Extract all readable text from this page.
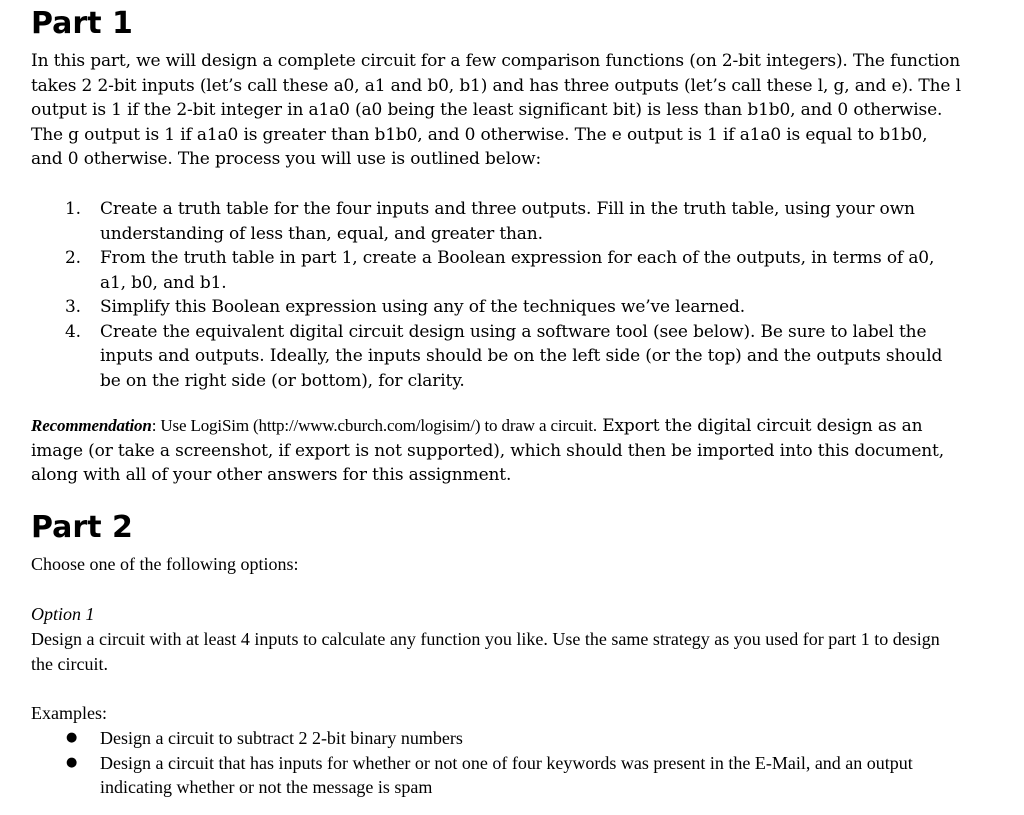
Part 1

In this part, we will design a complete circuit for a few comparison functions (on 2-bit integers). The function takes 2 2-bit inputs (let’s call these a0, a1 and b0, b1) and has three outputs (let’s call these l, g, and e). The l output is 1 if the 2-bit integer in a1a0 (a0 being the least significant bit) is less than b1b0, and 0 otherwise. The g output is 1 if a1a0 is greater than b1b0, and 0 otherwise. The e output is 1 if a1a0 is equal to b1b0, and 0 otherwise. The process you will use is outlined below:

1. Create a truth table for the four inputs and three outputs. Fill in the truth table, using your own understanding of less than, equal, and greater than.
2. From the truth table in part 1, create a Boolean expression for each of the outputs, in terms of a0, a1, b0, and b1.
3. Simplify this Boolean expression using any of the techniques we’ve learned.
4. Create the equivalent digital circuit design using a software tool (see below). Be sure to label the inputs and outputs. Ideally, the inputs should be on the left side (or the top) and the outputs should be on the right side (or bottom), for clarity.

Recommendation: Use LogiSim (http://www.cburch.com/logisim/) to draw a circuit. Export the digital circuit design as an image (or take a screenshot, if export is not supported), which should then be imported into this document, along with all of your other answers for this assignment.

Part 2

Choose one of the following options:

Option 1

Design a circuit with at least 4 inputs to calculate any function you like. Use the same strategy as you used for part 1 to design the circuit.

Examples:

● Design a circuit to subtract 2 2-bit binary numbers
● Design a circuit that has inputs for whether or not one of four keywords was present in the E-Mail, and an output indicating whether or not the message is spam
